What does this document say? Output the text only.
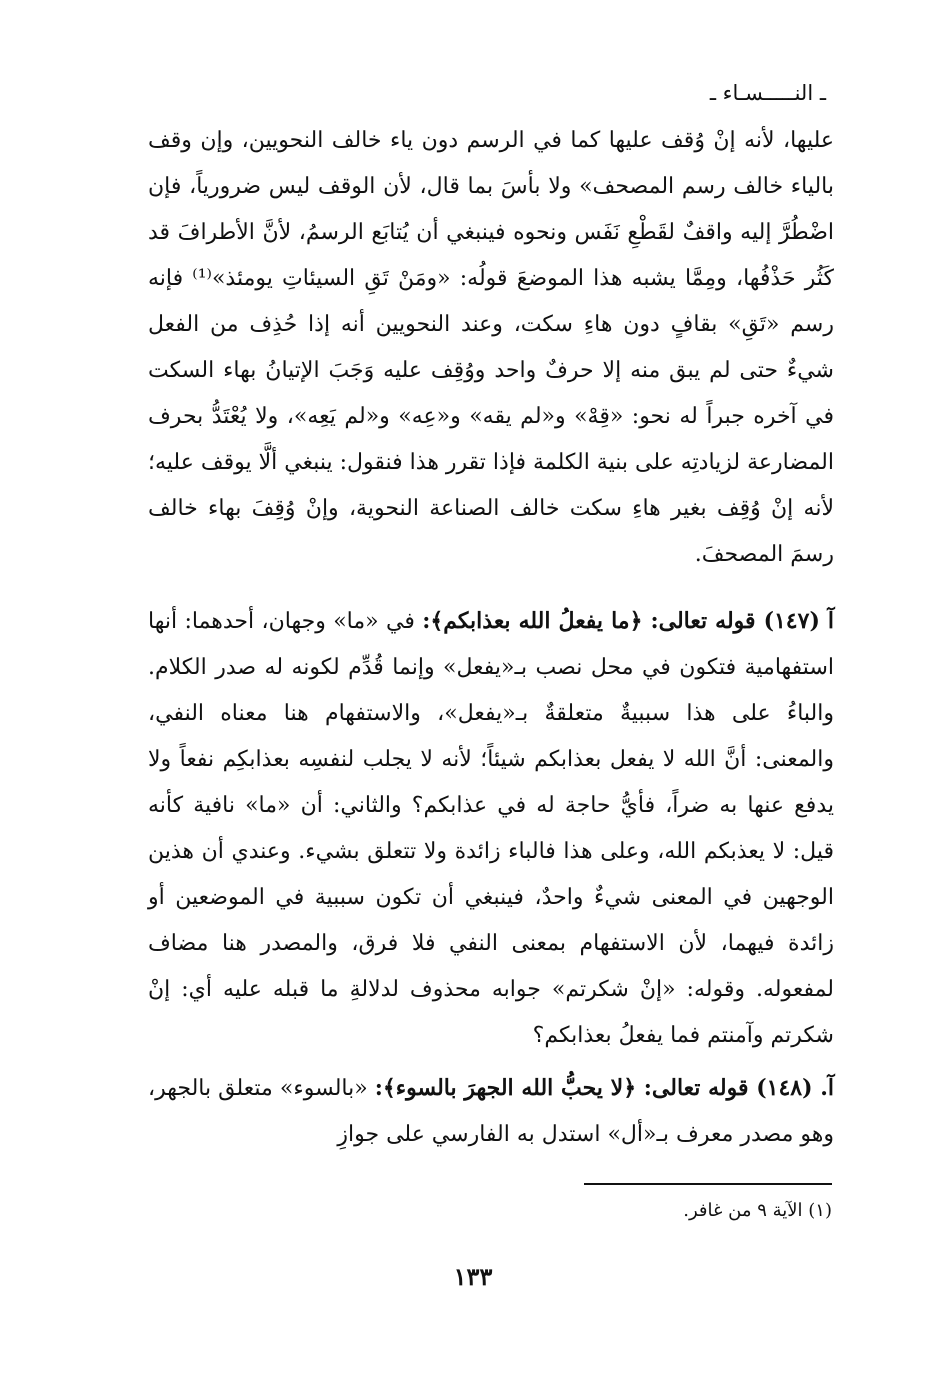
ـ النـــــسـاء ـ

عليها، لأنه إنْ وُقف عليها كما في الرسم دون ياء خالف النحويين، وإن وقف بالياء خالف رسم المصحف» ولا بأسَ بما قال، لأن الوقف ليس ضرورياً، فإن اضْطُرَّ إليه واقفٌ لقَطْعِ نَفَس ونحوه فينبغي أن يُتابَع الرسمُ، لأنَّ الأطرافَ قد كَثُر حَذْفُها، ومِمَّا يشبه هذا الموضعَ قولُه: «ومَنْ تَقِ السيئاتِ يومئذ»⁽¹⁾ فإنه رسم «تَقِ» بقافٍ دون هاءِ سكت، وعند النحويين أنه إذا حُذِف من الفعل شيءٌ حتى لم يبق منه إلا حرفٌ واحد ووُقِف عليه وَجَبَ الإتيانُ بهاء السكت في آخره جبراً له نحو: «قِهْ» و«لم يقه» و«عِه» و«لم يَعِه»، ولا يُعْتَدُّ بحرف المضارعة لزيادتِه على بنية الكلمة فإذا تقرر هذا فنقول: ينبغي ألَّا يوقف عليه؛ لأنه إنْ وُقِف بغير هاءِ سكت خالف الصناعة النحوية، وإنْ وُقِفَ بهاء خالف رسمَ المصحفَ.

آ (١٤٧) قوله تعالى: ﴿ما يفعلُ الله بعذابكم﴾: في «ما» وجهان، أحدهما: أنها استفهامية فتكون في محل نصب بـ«يفعل» وإنما قُدِّم لكونه له صدر الكلام. والباءُ على هذا سببيةٌ متعلقةٌ بـ«يفعل»، والاستفهام هنا معناه النفي، والمعنى: أنَّ الله لا يفعل بعذابكم شيئاً؛ لأنه لا يجلب لنفسِه بعذابكِم نفعاً ولا يدفع عنها به ضراً، فأيُّ حاجة له في عذابكم؟ والثاني: أن «ما» نافية كأنه قيل: لا يعذبكم الله، وعلى هذا فالباء زائدة ولا تتعلق بشيء. وعندي أن هذين الوجهين في المعنى شيءٌ واحدٌ، فينبغي أن تكون سببية في الموضعين أو زائدة فيهما، لأن الاستفهام بمعنى النفي فلا فرق، والمصدر هنا مضاف لمفعوله. وقوله: «إنْ شكرتم» جوابه محذوف لدلالةِ ما قبله عليه أي: إنْ شكرتم وآمنتم فما يفعلُ بعذابكم؟

آ. (١٤٨) قوله تعالى: ﴿لا يحبُّ الله الجهرَ بالسوء﴾: «بالسوء» متعلق بالجهر، وهو مصدر معرف بـ«أل» استدل به الفارسي على جوازِ

(١) الآية ٩ من غافر.
١٣٣
